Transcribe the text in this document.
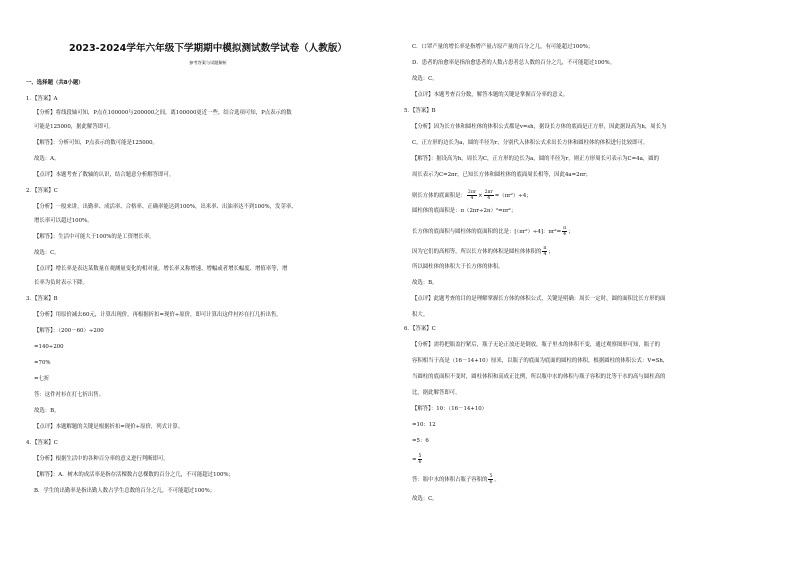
2023-2024学年六年级下学期期中模拟测试数学试卷（人教版）
参考答案与试题解析
一、选择题（共8小题）
1．【答案】A
【分析】将线段轴可知，P点在100000与200000之间，离100000更近一些，结合选项可知，P点表示的数
可能是125000，据此解答即可。
【解答】：分析可知，P点表示的数可能是125000。
故选：A。
【点评】本题考查了数轴的认识，结合题意分析解答即可。
2．【答案】C
【分析】一般来讲，出勤率、成活率、合格率、正确率能达到100%，出米率、出油率达不到100%，发芽率、
增长率可以超过100%。
【解答】：生活中可能大于100%的是工资增长率。
故选：C。
【点评】增长率是表达某数量在观测量变化的相对量。增长率又称增速、增幅或者增长幅度、增值率等，增
长率为负时表示下降。
3．【答案】B
【分析】用原价减去60元，计算出现价，再根据折扣=现价÷原价，即可计算出这件衬衫在打几折出售。
【解答】：（200－60）÷200
=140÷200
=70%
=七折
答：这件衬衫在打七折出售。
故选：B。
【点评】本题解题的关键是根据折扣=现价÷原价，列式计算。
4．【答案】C
【分析】根据生活中的各种百分率的意义进行判断即可。
【解答】：A．树木的成活率是指存活棵数占总棵数的百分之几，不可能超过100%；
B．学生的出勤率是指出勤人数占学生总数的百分之几，不可能超过100%；
C．口罩产量的增长率是指增产量占原产量的百分之几，有可能超过100%；
D．患者的治愈率是指治愈患者的人数占患者总人数的百分之几，不可能超过100%。
故选：C。
【点评】本题考查百分数，解答本题的关键是掌握百分率的意义。
5．【答案】B
【分析】因为长方体和圆柱体的体积公式都是v=sh，据设长方体的底面是正方形，因此据设高为h，周长为
C，正方形的边长为a，圆的半径为r，分别代入体积公式求出长方体和圆柱体的体积进行比较即可。
【解答】：据设高为h，周长为C，正方形的边长为a，圆的半径为r，则正方形周长可表示为C=4a，圆的
周长表示为C=2πr，已知长方体和圆柱体的底面周长相等，因此4a=2πr；
则长方体的底面积是： $\frac{2\pi r}{4} \times \frac{2\pi r}{4} =(\pi r^2)\div 4$；
圆柱体的底面积是：π（2πr÷2π）²=πr²；
长方体的底面积与圆柱体的底面积的比是：[（πr²）÷4]：$\pi r^2= \frac{\pi}{4}$ ；
因为它们的高相等，所以长方体的体积是圆柱体体积的 $\frac{\pi}{4}$ ；
所以圆柱体的体积大于长方体的体积。
故选：B。
【点评】此题考查的目的是理解掌握长方体的体积公式，关键是明确：周长一定时，圆的面积比长方形的面
积大。
6．【答案】C
【分析】需将把瓶盖拧紧后，瓶子无论正放还是倒放，瓶子里水的体积不变，通过观察图形可知，瓶子的
容积相当于高是（16－14+10）厘米，以瓶子的底面为底面的圆柱的体积，根据圆柱的体积公式：V=Sh，
当圆柱的底面积不变时，圆柱体积和高成正比例，所以瓶中水的体积与瓶子容积的比等于水的高与圆柱高的
比，据此解答即可。
【解答】：10：（16－14+10）
=10：12
=5：6
= $\frac{5}{6}$
答：瓶中水的体积占瓶子容积的 $\frac{5}{6}$ 。
故选：C。
